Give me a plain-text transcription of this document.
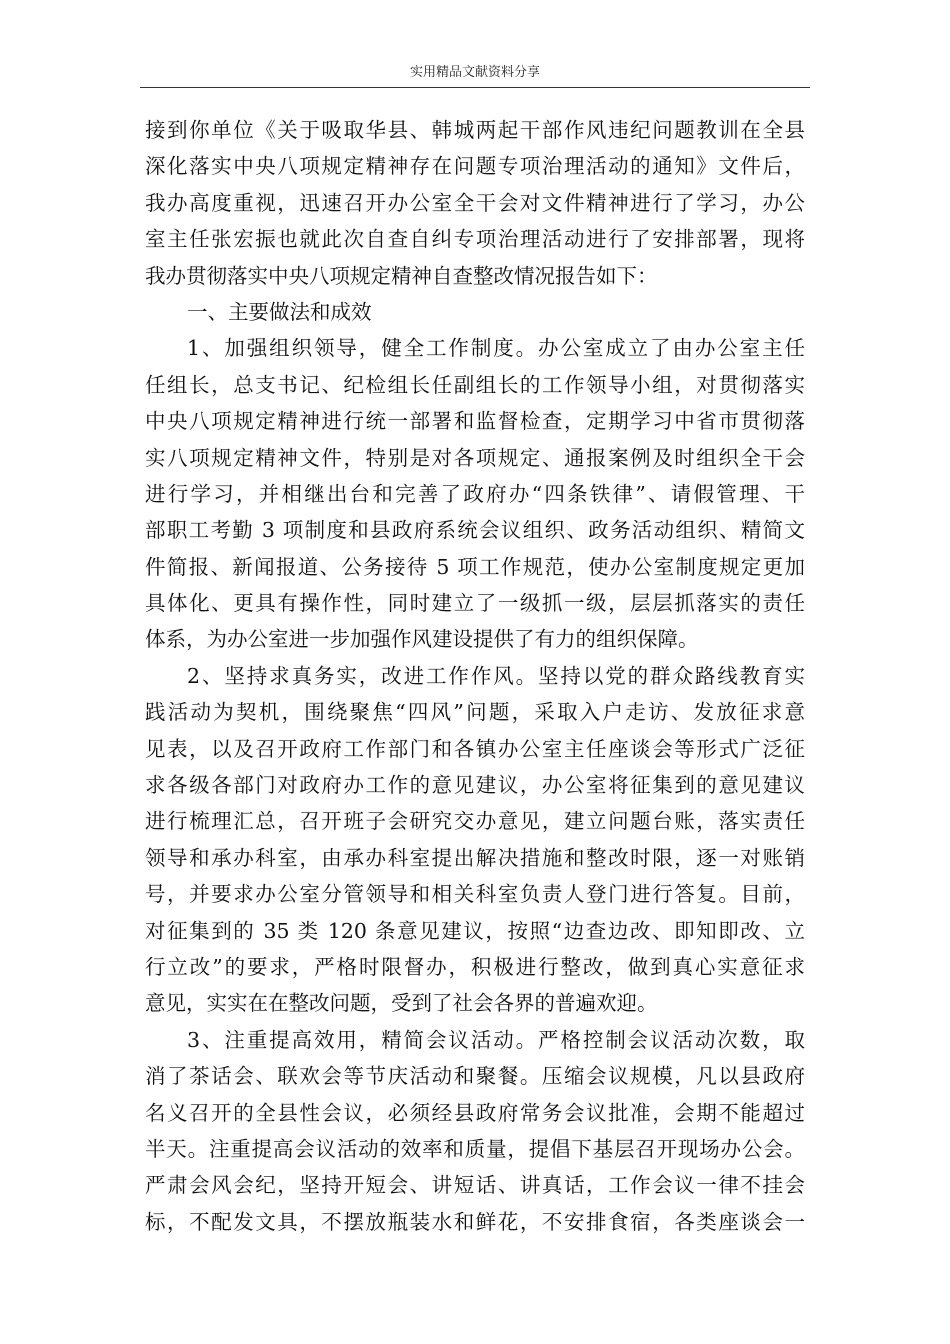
实用精品文献资料分享
接到你单位《关于吸取华县、韩城两起干部作风违纪问题教训在全县
深化落实中央八项规定精神存在问题专项治理活动的通知》文件后，
我办高度重视，迅速召开办公室全干会对文件精神进行了学习，办公
室主任张宏振也就此次自查自纠专项治理活动进行了安排部署，现将
我办贯彻落实中央八项规定精神自查整改情况报告如下：
一、主要做法和成效
1、加强组织领导，健全工作制度。办公室成立了由办公室主任
任组长，总支书记、纪检组长任副组长的工作领导小组，对贯彻落实
中央八项规定精神进行统一部署和监督检查，定期学习中省市贯彻落
实八项规定精神文件，特别是对各项规定、通报案例及时组织全干会
进行学习，并相继出台和完善了政府办“四条铁律”、请假管理、干
部职工考勤 3 项制度和县政府系统会议组织、政务活动组织、精简文
件简报、新闻报道、公务接待 5 项工作规范，使办公室制度规定更加
具体化、更具有操作性，同时建立了一级抓一级，层层抓落实的责任
体系，为办公室进一步加强作风建设提供了有力的组织保障。
2、坚持求真务实，改进工作作风。坚持以党的群众路线教育实
践活动为契机，围绕聚焦“四风”问题，采取入户走访、发放征求意
见表，以及召开政府工作部门和各镇办公室主任座谈会等形式广泛征
求各级各部门对政府办工作的意见建议，办公室将征集到的意见建议
进行梳理汇总，召开班子会研究交办意见，建立问题台账，落实责任
领导和承办科室，由承办科室提出解决措施和整改时限，逐一对账销
号，并要求办公室分管领导和相关科室负责人登门进行答复。目前，
对征集到的 35 类 120 条意见建议，按照“边查边改、即知即改、立
行立改”的要求，严格时限督办，积极进行整改，做到真心实意征求
意见，实实在在整改问题，受到了社会各界的普遍欢迎。
3、注重提高效用，精简会议活动。严格控制会议活动次数，取
消了茶话会、联欢会等节庆活动和聚餐。压缩会议规模，凡以县政府
名义召开的全县性会议，必须经县政府常务会议批准，会期不能超过
半天。注重提高会议活动的效率和质量，提倡下基层召开现场办公会。
严肃会风会纪，坚持开短会、讲短话、讲真话，工作会议一律不挂会
标，不配发文具，不摆放瓶装水和鲜花，不安排食宿，各类座谈会一
